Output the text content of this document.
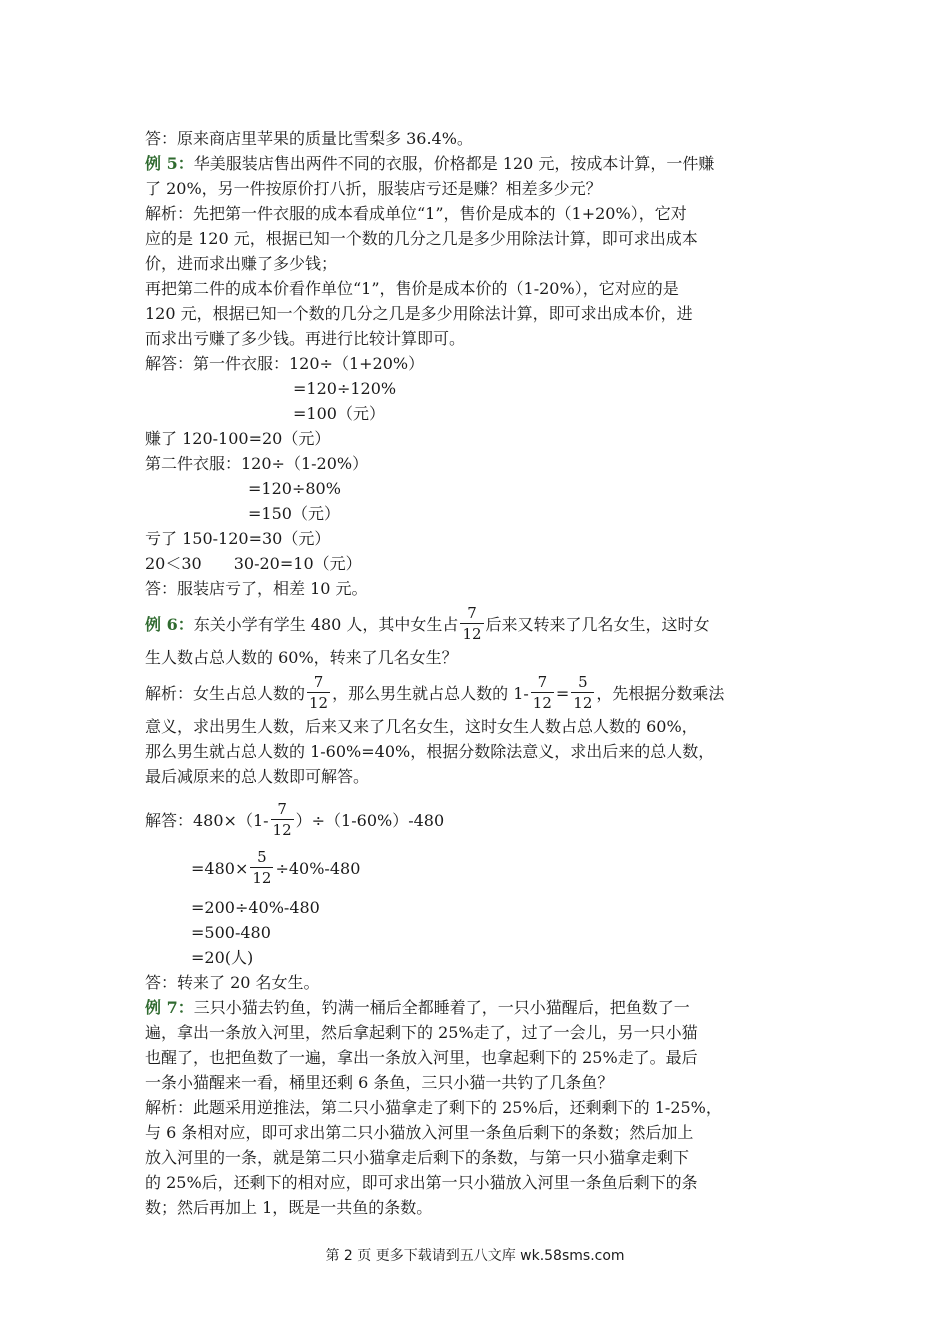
答：原来商店里苹果的质量比雪梨多 36.4%。

例 5：华美服装店售出两件不同的衣服，价格都是 120 元，按成本计算，一件赚

了 20%，另一件按原价打八折，服装店亏还是赚？相差多少元？

解析：先把第一件衣服的成本看成单位“1”，售价是成本的（1+20%），它对

应的是 120 元，根据已知一个数的几分之几是多少用除法计算，即可求出成本

价，进而求出赚了多少钱；

再把第二件的成本价看作单位“1”，售价是成本价的（1-20%），它对应的是

120 元，根据已知一个数的几分之几是多少用除法计算，即可求出成本价，进

而求出亏赚了多少钱。再进行比较计算即可。

解答：第一件衣服：120÷（1+20%）

=120÷120%

=100（元）

赚了 120-100=20（元）

第二件衣服：120÷（1-20%）

=120÷80%

=150（元）

亏了 150-120=30（元）

20＜30 30-20=10（元）

答：服装店亏了，相差 10 元。

例 6：东关小学有学生 480 人，其中女生占 $\frac{7}{12}$ 后来又转来了几名女生，这时女

生人数占总人数的 60%，转来了几名女生？

解析：女生占总人数的 $\frac{7}{12}$ ，那么男生就占总人数的 $1- \frac{7}{12} = \frac{5}{12}$ ，先根据分数乘法

意义，求出男生人数，后来又来了几名女生，这时女生人数占总人数的 60%，

那么男生就占总人数的 1-60%=40%，根据分数除法意义，求出后来的总人数，

最后减原来的总人数即可解答。

解答：$480\times(1- \frac{7}{12} )\div(1-60\%)-480$

$=480\times \frac{5}{12} \div 40\%-480$

=200÷40%-480

=500-480

=20(人)

答：转来了 20 名女生。

例 7：三只小猫去钓鱼，钓满一桶后全都睡着了，一只小猫醒后，把鱼数了一

遍，拿出一条放入河里，然后拿起剩下的 25%走了，过了一会儿，另一只小猫

也醒了，也把鱼数了一遍，拿出一条放入河里，也拿起剩下的 25%走了。最后

一条小猫醒来一看，桶里还剩 6 条鱼，三只小猫一共钓了几条鱼？

解析：此题采用逆推法，第二只小猫拿走了剩下的 25%后，还剩剩下的 1-25%，

与 6 条相对应，即可求出第二只小猫放入河里一条鱼后剩下的条数；然后加上

放入河里的一条，就是第二只小猫拿走后剩下的条数，与第一只小猫拿走剩下

的 25%后，还剩下的相对应，即可求出第一只小猫放入河里一条鱼后剩下的条

数；然后再加上 1，既是一共鱼的条数。

第 2 页 更多下载请到五八文库 wk.58sms.com
